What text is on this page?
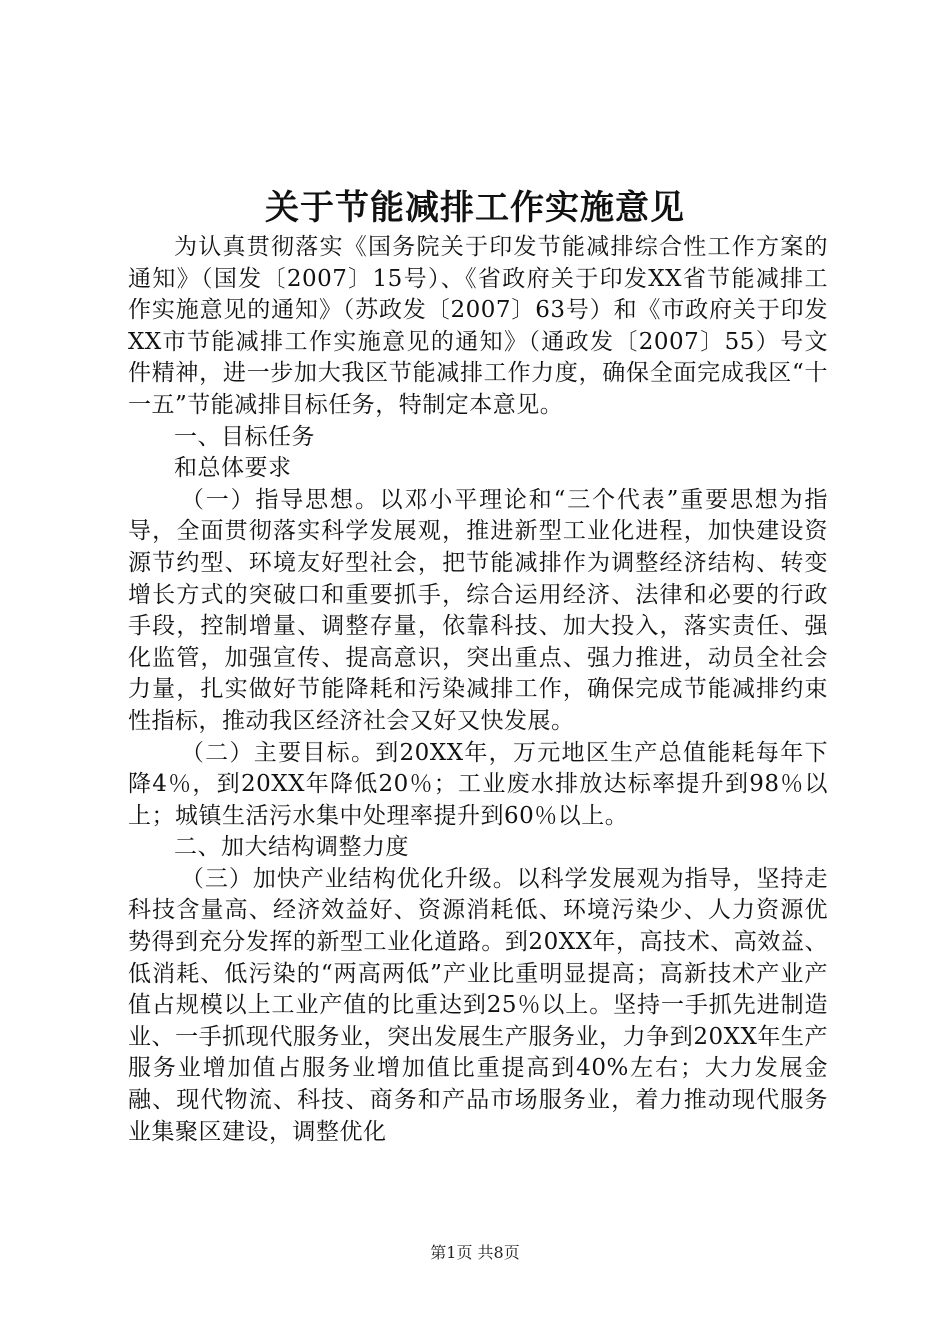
关于节能减排工作实施意见

为认真贯彻落实《国务院关于印发节能减排综合性工作方案的通知》（国发〔2007〕15号）、《省政府关于印发XX省节能减排工作实施意见的通知》（苏政发〔2007〕63号）和《市政府关于印发XX市节能减排工作实施意见的通知》（通政发〔2007〕55）号文件精神，进一步加大我区节能减排工作力度，确保全面完成我区“十一五”节能减排目标任务，特制定本意见。

一、目标任务

和总体要求

（一）指导思想。以邓小平理论和“三个代表”重要思想为指导，全面贯彻落实科学发展观，推进新型工业化进程，加快建设资源节约型、环境友好型社会，把节能减排作为调整经济结构、转变增长方式的突破口和重要抓手，综合运用经济、法律和必要的行政手段，控制增量、调整存量，依靠科技、加大投入，落实责任、强化监管，加强宣传、提高意识，突出重点、强力推进，动员全社会力量，扎实做好节能降耗和污染减排工作，确保完成节能减排约束性指标，推动我区经济社会又好又快发展。

（二）主要目标。到20XX年，万元地区生产总值能耗每年下降4％，到20XX年降低20％；工业废水排放达标率提升到98％以上；城镇生活污水集中处理率提升到60％以上。

二、加大结构调整力度

（三）加快产业结构优化升级。以科学发展观为指导，坚持走科技含量高、经济效益好、资源消耗低、环境污染少、人力资源优势得到充分发挥的新型工业化道路。到20XX年，高技术、高效益、低消耗、低污染的“两高两低”产业比重明显提高；高新技术产业产值占规模以上工业产值的比重达到25％以上。坚持一手抓先进制造业、一手抓现代服务业，突出发展生产服务业，力争到20XX年生产服务业增加值占服务业增加值比重提高到40%左右；大力发展金融、现代物流、科技、商务和产品市场服务业，着力推动现代服务业集聚区建设，调整优化

第1页 共8页
